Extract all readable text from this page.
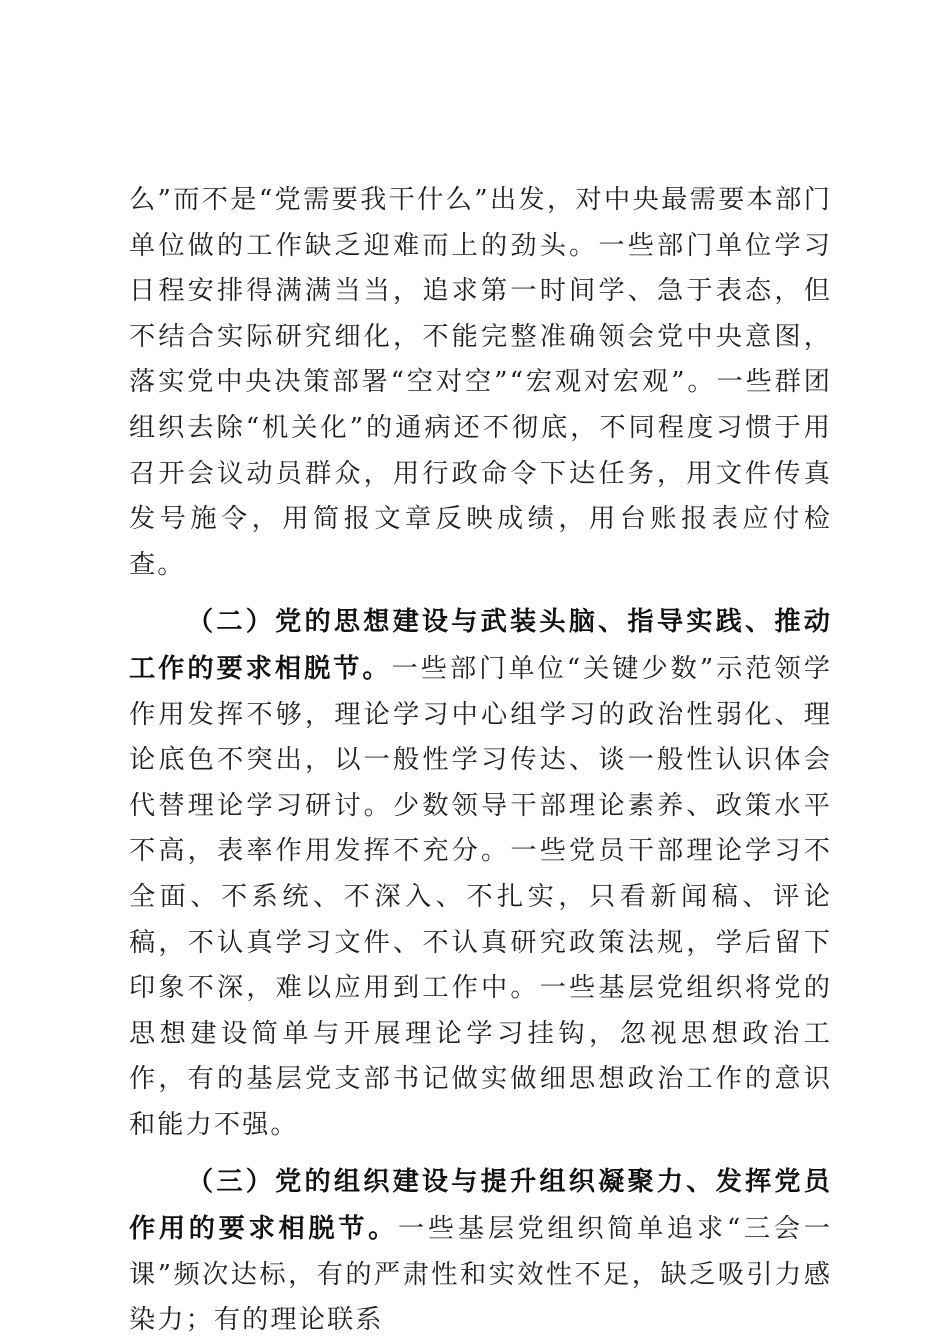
么”而不是“党需要我干什么”出发，对中央最需要本部门单位做的工作缺乏迎难而上的劲头。一些部门单位学习日程安排得满满当当，追求第一时间学、急于表态，但不结合实际研究细化，不能完整准确领会党中央意图，落实党中央决策部署“空对空”“宏观对宏观”。一些群团组织去除“机关化”的通病还不彻底，不同程度习惯于用召开会议动员群众，用行政命令下达任务，用文件传真发号施令，用简报文章反映成绩，用台账报表应付检查。

（二）党的思想建设与武装头脑、指导实践、推动工作的要求相脱节。一些部门单位“关键少数”示范领学作用发挥不够，理论学习中心组学习的政治性弱化、理论底色不突出，以一般性学习传达、谈一般性认识体会代替理论学习研讨。少数领导干部理论素养、政策水平不高，表率作用发挥不充分。一些党员干部理论学习不全面、不系统、不深入、不扎实，只看新闻稿、评论稿，不认真学习文件、不认真研究政策法规，学后留下印象不深，难以应用到工作中。一些基层党组织将党的思想建设简单与开展理论学习挂钩，忽视思想政治工作，有的基层党支部书记做实做细思想政治工作的意识和能力不强。

（三）党的组织建设与提升组织凝聚力、发挥党员作用的要求相脱节。一些基层党组织简单追求“三会一课”频次达标，有的严肃性和实效性不足，缺乏吸引力感染力；有的理论联系
